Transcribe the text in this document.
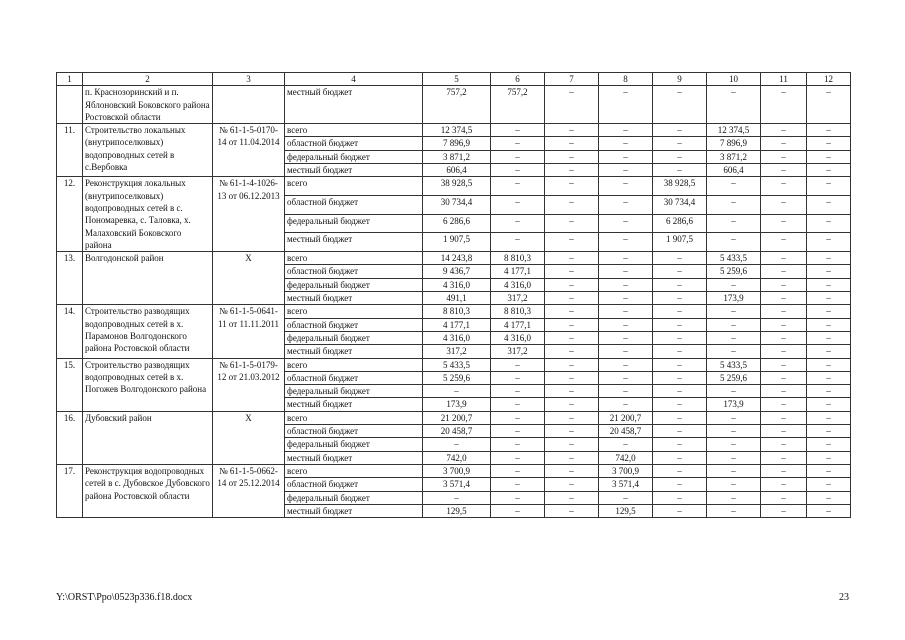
1	2	3	4	5	6	7	8	9	10	11	12
	п. Краснозоринский и п. Яблоновский Боковского района Ростовской области		местный бюджет	757,2	757,2	–	–	–	–	–	–
11.	Строительство локальных (внутрипоселковых) водопроводных сетей в с.Вербовка	№ 61-1-5-0170-14 от 11.04.2014	всего	12 374,5	–	–	–	–	12 374,5	–	–
			областной бюджет	7 896,9	–	–	–	–	7 896,9	–	–
			федеральный бюджет	3 871,2	–	–	–	–	3 871,2	–	–
			местный бюджет	606,4	–	–	–	–	606,4	–	–
12.	Реконструкция локальных (внутрипоселковых) водопроводных сетей в с. Пономаревка, с. Таловка, х. Малаховский Боковского района	№ 61-1-4-1026-13 от 06.12.2013	всего	38 928,5	–	–	–	38 928,5	–	–	–
			областной бюджет	30 734,4	–	–	–	30 734,4	–	–	–
			федеральный бюджет	6 286,6	–	–	–	6 286,6	–	–	–
			местный бюджет	1 907,5	–	–	–	1 907,5	–	–	–
13.	Волгодонской район	Х	всего	14 243,8	8 810,3	–	–	–	5 433,5	–	–
			областной бюджет	9 436,7	4 177,1	–	–	–	5 259,6	–	–
			федеральный бюджет	4 316,0	4 316,0	–	–	–	–	–	–
			местный бюджет	491,1	317,2	–	–	–	173,9	–	–
14.	Строительство разводящих водопроводных сетей в х. Парамонов Волгодонского района Ростовской области	№ 61-1-5-0641-11 от 11.11.2011	всего	8 810,3	8 810,3	–	–	–	–	–	–
			областной бюджет	4 177,1	4 177,1	–	–	–	–	–	–
			федеральный бюджет	4 316,0	4 316,0	–	–	–	–	–	–
			местный бюджет	317,2	317,2	–	–	–	–	–	–
15.	Строительство разводящих водопроводных сетей в х. Погожев Волгодонского района	№ 61-1-5-0179-12 от 21.03.2012	всего	5 433,5	–	–	–	–	5 433,5	–	–
			областной бюджет	5 259,6	–	–	–	–	5 259,6	–	–
			федеральный бюджет	–	–	–	–	–	–	–	–
			местный бюджет	173,9	–	–	–	–	173,9	–	–
16.	Дубовский район	Х	всего	21 200,7	–	–	21 200,7	–	–	–	–
			областной бюджет	20 458,7	–	–	20 458,7	–	–	–	–
			федеральный бюджет	–	–	–	–	–	–	–	–
			местный бюджет	742,0	–	–	742,0	–	–	–	–
17.	Реконструкция водопроводных сетей в с. Дубовское Дубовского района Ростовской области	№ 61-1-5-0662-14 от 25.12.2014	всего	3 700,9	–	–	3 700,9	–	–	–	–
			областной бюджет	3 571,4	–	–	3 571,4	–	–	–	–
			федеральный бюджет	–	–	–	–	–	–	–	–
			местный бюджет	129,5	–	–	129,5	–	–	–	–
Y:\ORST\Ppo\0523p336.f18.docx	23
